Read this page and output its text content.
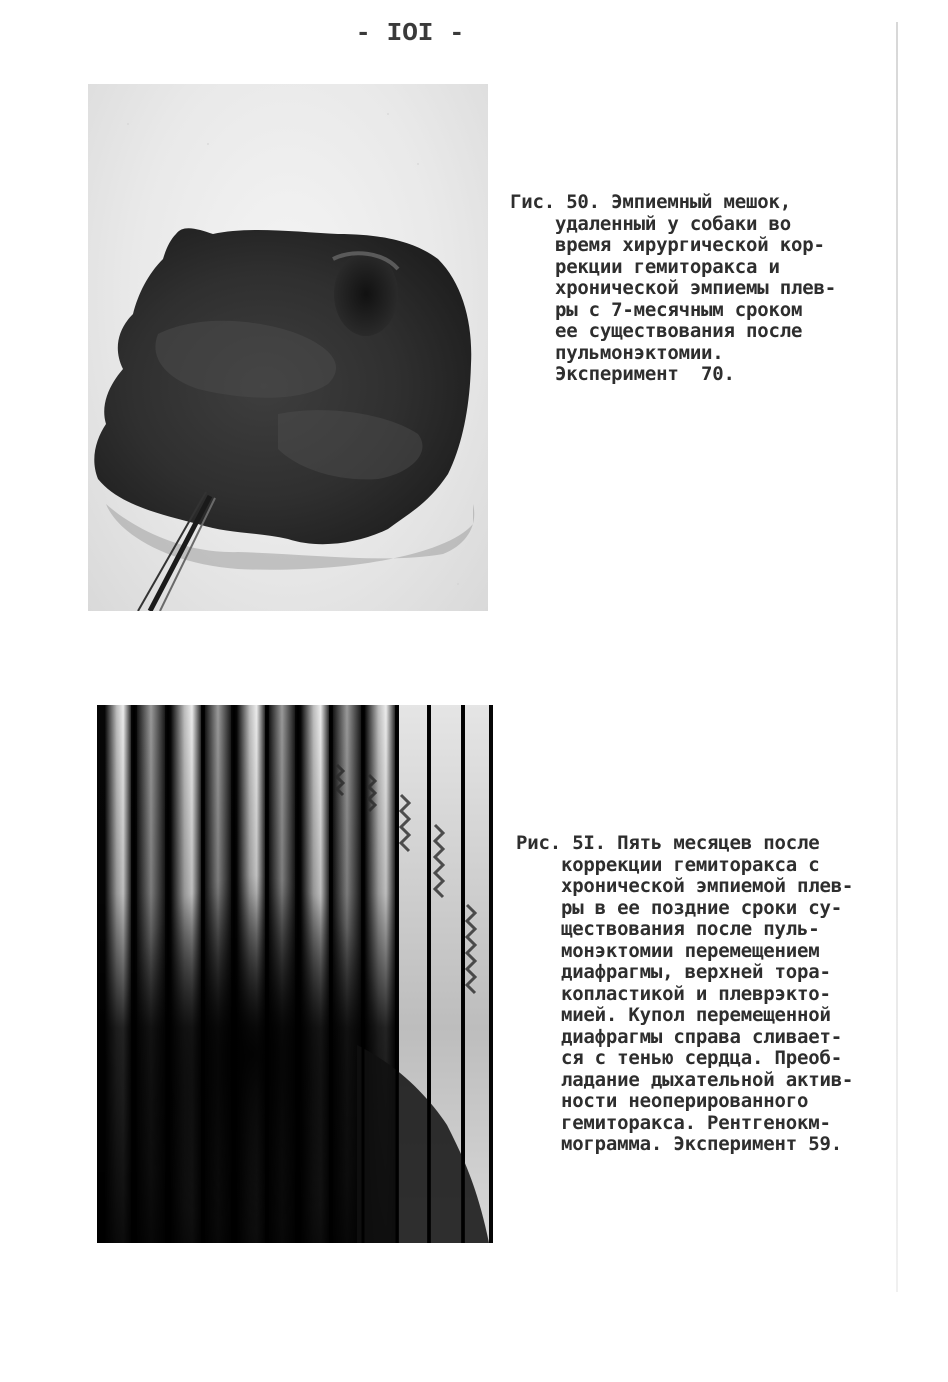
- IOI -
Гис. 50. Эмпиемный мешок,
удаленный у собаки во
время хирургической кор-
рекции гемиторакса и
хронической эмпиемы плев-
ры с 7-месячным сроком
ее существования после
пульмонэктомии.
Эксперимент  70.
Рис. 5I. Пять месяцев после
коррекции гемиторакса с
хронической эмпиемой плев-
ры в ее поздние сроки су-
ществования после пуль-
монэктомии перемещением
диафрагмы, верхней тора-
копластикой и плеврэкто-
мией. Купол перемещенной
диафрагмы справа сливает-
ся с тенью сердца. Преоб-
ладание дыхательной актив-
ности неоперированного
гемиторакса. Рентгенокм-
мограмма. Эксперимент 59.
